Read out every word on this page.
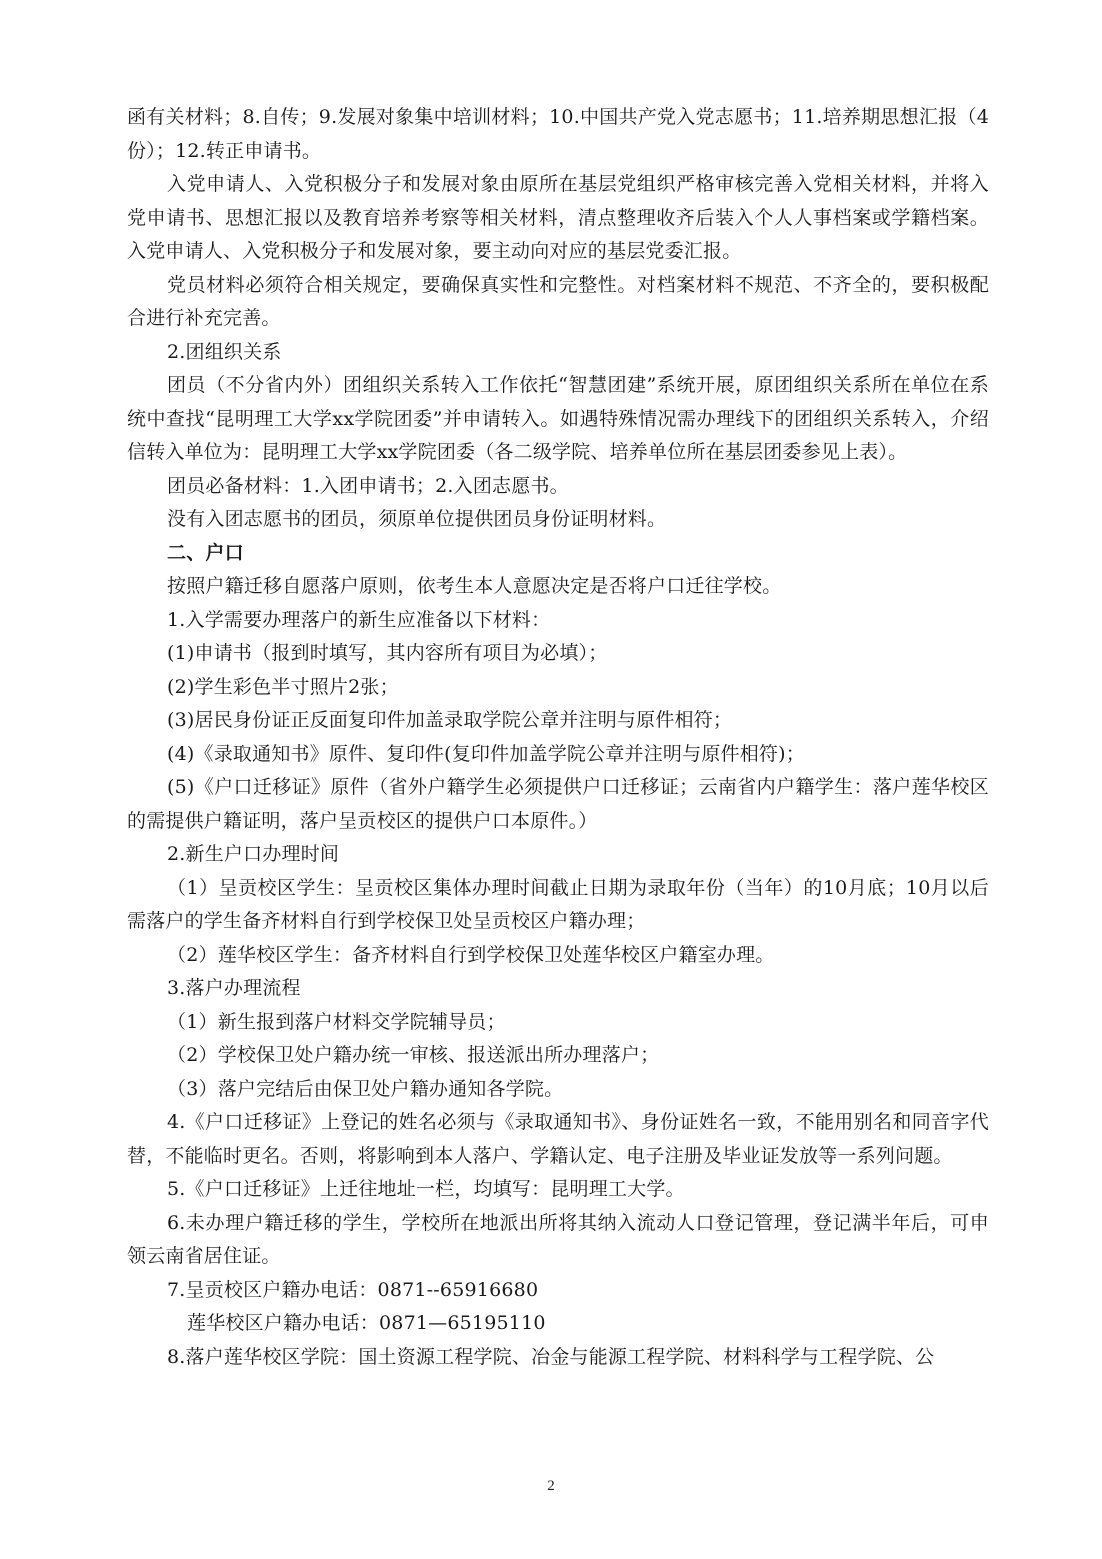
函有关材料；8.自传；9.发展对象集中培训材料；10.中国共产党入党志愿书；11.培养期思想汇报（4份）；12.转正申请书。

入党申请人、入党积极分子和发展对象由原所在基层党组织严格审核完善入党相关材料，并将入党申请书、思想汇报以及教育培养考察等相关材料，清点整理收齐后装入个人人事档案或学籍档案。入党申请人、入党积极分子和发展对象，要主动向对应的基层党委汇报。

党员材料必须符合相关规定，要确保真实性和完整性。对档案材料不规范、不齐全的，要积极配合进行补充完善。

2.团组织关系

团员（不分省内外）团组织关系转入工作依托“智慧团建”系统开展，原团组织关系所在单位在系统中查找“昆明理工大学xx学院团委”并申请转入。如遇特殊情况需办理线下的团组织关系转入，介绍信转入单位为：昆明理工大学xx学院团委（各二级学院、培养单位所在基层团委参见上表）。

团员必备材料：1.入团申请书；2.入团志愿书。

没有入团志愿书的团员，须原单位提供团员身份证明材料。

二、户口

按照户籍迁移自愿落户原则，依考生本人意愿决定是否将户口迁往学校。

1.入学需要办理落户的新生应准备以下材料：

(1)申请书（报到时填写，其内容所有项目为必填）；

(2)学生彩色半寸照片2张；

(3)居民身份证正反面复印件加盖录取学院公章并注明与原件相符；

(4)《录取通知书》原件、复印件(复印件加盖学院公章并注明与原件相符)；

(5)《户口迁移证》原件（省外户籍学生必须提供户口迁移证；云南省内户籍学生：落户莲华校区的需提供户籍证明，落户呈贡校区的提供户口本原件。）

2.新生户口办理时间

（1）呈贡校区学生：呈贡校区集体办理时间截止日期为录取年份（当年）的10月底；10月以后需落户的学生备齐材料自行到学校保卫处呈贡校区户籍办理；

（2）莲华校区学生：备齐材料自行到学校保卫处莲华校区户籍室办理。

3.落户办理流程

（1）新生报到落户材料交学院辅导员；

（2）学校保卫处户籍办统一审核、报送派出所办理落户；

（3）落户完结后由保卫处户籍办通知各学院。

4.《户口迁移证》上登记的姓名必须与《录取通知书》、身份证姓名一致，不能用别名和同音字代替，不能临时更名。否则，将影响到本人落户、学籍认定、电子注册及毕业证发放等一系列问题。

5.《户口迁移证》上迁往地址一栏，均填写：昆明理工大学。

6.未办理户籍迁移的学生，学校所在地派出所将其纳入流动人口登记管理，登记满半年后，可申领云南省居住证。

7.呈贡校区户籍办电话：0871--65916680

莲华校区户籍办电话：0871—65195110

8.落户莲华校区学院：国土资源工程学院、冶金与能源工程学院、材料科学与工程学院、公

2
